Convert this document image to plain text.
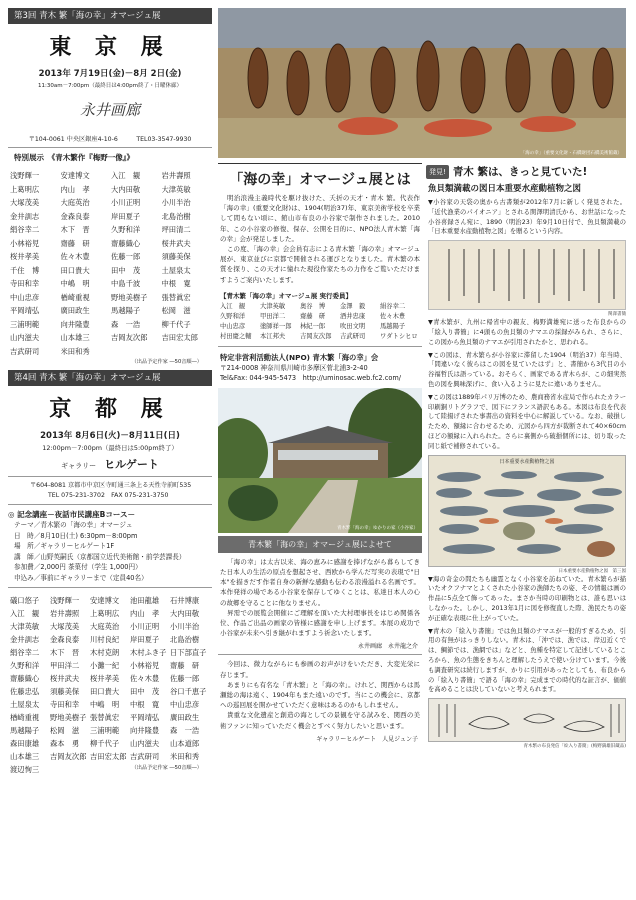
第3回 青木 繁「海の幸」オマージュ展
東 京 展
2013年 7月19日(金)－8月 2日(金)
11:30am－7:00pm（最終日は4:00pm終了・日曜休廊）
永井画廊
〒104-0061 中央区銀座4-10-6　　　TEL03-3547-9930
特別展示　《青木繁作『梅野一像』》
浅野輝一	安達博文	入江　観	岩井壽照
上葛明広	内山　孝	大内田敬	大津英敏
大塚茂美	大庭英治	小川正明	小川半治
金井訓志	金森良泰	岸田夏子	北島治樹
絹谷幸二	木下　晋	久野和洋	坪田清二
小林裕児	齋藤　研	齋藤織心	桜井武夫
桜井孝美	佐々木豊	佐藤一郎	須藤美保
千住　博	田口貴大	田中　茂	土屋泉太
寺田和幸	中嶋　明	中島千波	中根　寛
中山忠彦	楢崎重視	野地美樹子	張替眞宏
平岡靖弘	廣田政生	馬越陽子	松岡　滋
三浦明範	向井隆豊	森　一浩	柳千代子
山内滋夫	山本雄三	吉岡友次郎	吉田宏太郎
吉武研司	米田和秀
（出品予定作家 ―50音順―）
第4回 青木 繁「海の幸」オマージュ展
京 都 展
2013年 8月6日(火)－8月11日(日)
12:00pm－7:00pm（最終日は5:00pm終了）
ギャラリー ヒルゲート
〒604-8081 京都市中京区寺町通三条上る天性寺前町535
TEL 075-231-3702　FAX 075-231-3750
◎ 記念講座－夜話市民講座Bコース－
テーマ／青木繁の「海の幸」オマージュ
日　時／8月10日(土) 6:30pm－8:00pm
場　所／ギャラリーヒルゲート1F
講　師／山野英嗣氏（京都国立近代美術館・前学芸課長）
参加費／2,000円 茶菓付（学生 1,000円）
申込み／事前にギャラリーまで（定員40名）
礒口悠子	浅野輝一	安達博文	池田龍雄	石井博康
入江　観	岩井壽照	上葛明広	内山　孝	大内田敬
大津英敏	大塚茂美	大庭英治	小川正明	小川半治
金井訓志	金森良泰	川村良紀	岸田夏子	北島治樹
絹谷幸二	木下　晋	木村克朗	木村ふき子 日下部直子
久野和洋	甲田洋二	小灘一紀	小林裕児	齋藤　研
齋藤織心	桜井武夫	桜井孝美	佐々木豊	佐藤一郎
佐藤忠弘	須藤美保	田口貴大	田中　茂	谷口千恵子
土屋泉太	寺田和幸	中嶋　明	中根　寛	中山忠彦
楢崎重視	野地美樹子 張替眞宏	平岡靖弘	廣田政生
馬越陽子	松岡　滋	三浦明範	向井隆豊	森　一浩
森田康雄	森本　勇	柳千代子	山内滋夫	山本道郎
山本雄三	吉岡友次郎 吉田宏太郎 吉武研司	米田和秀
渡辺恂三	（出品予定作家 ―50音順―）
「海の幸」（重要文化財・石橋財団石橋美術館蔵）
「海の幸」オマージュ展とは

明治浪漫主義時代を駆け抜けた、夭折の天才・青木 繁。代表作「海の幸」(重要文化財)は、1904(明治37)年、東京美術学校を卒業して間もない頃に、館山市布良の小谷家で制作されました。2010年、この小谷家の修復、保存、公開を目的に、NPO法人青木繁「海の幸」会が発足しました。

この度、「海の幸」会会員有志による青木繁「海の幸」オマージュ展が、東京並びに京都で開催される運びとなりました。青木繁の本質を探り、この天才に憧れた現役作家たちの力作をご覧いただけますようご案内いたします。

【青木繁「海の幸」オマージュ展 実行委員】
入江　観	大津英敏	奥谷　博	金澤　毅	絹谷幸二
久野和洋	甲田洋二	齋藤　研	酒井忠康	佐々木豊
中山忠彦	塗師祥一郎	林紀一郎	吹田文明	馬越陽子
村田慶之輔	本江邦夫	吉岡友次郎	吉武研司	ワダトシヒロ
特定非営利活動法人(NPO) 青木繁「海の幸」会
〒214-0008 神奈川県川崎市多摩区菅北浦3-2-40
Tel&Fax: 044-945-5473　http://uminosac.web.fc2.com/
青木繁「海の幸」ゆかりの家（小谷家）
青木繁「海の幸」オマージュ展によせて

「海の幸」は太古以来、海の恵みに感謝を捧げながら暮らしてきた日本人の生活の原点を想起させ、西欧から学んだ写実の表現で"日本"を描きだす作者自身の新鮮な感動も伝わる浪漫溢れる名画です。本作発祥の場である小谷家を保存してゆくことは、私達日本人の心の故郷を守ることに他なりません。

昇需での展覧会開催にご理解を頂いた大村理事長をはじめ関係各位、作品ご出品の画家の皆様に感謝を申し上げます。本展の成功で小谷家が未来へ引き継がれますよう祈念いたします。

永井画廊　永井龍之介

今回は、微力ながらにも参画のお声がけをいただき、大変光栄に存じます。

あまりにも有名な「青木繁」と「海の幸」。けれど、関西からは馬瀬総の海は遠く、1904年もまた遠いのです。当にこの機会に、京都への巡回展を開かせていただく意味はあるのかもしれません。

貴重な文化遺産と創造の海としての景観を守る試みを、関西の美術ファンに知っていただく機会とすべく努力したいと思います。

ギャラリーヒルゲート　人見ジュン子
発見! 青木 繁は、きっと見ていた!
魚貝類満載の図日本重要水産動植物之図

▼小谷家の天袋の奥から古書類が2012年7月に新しく発見された。「近代漁業のパイオニア」とされる関澤明清氏から、お世話になった小谷喜録さん宛に、1890（明治23）年9月10日付で、魚貝類満載の「日本重要水産動植物之図」を贈るという内容。

関澤書簡

▼青木繁が、九州に帰省中の親友、梅野満雄宛に送った布良からの「絵入り書簡」に4頭もの魚貝類のナマエの採録がみられ、さらに、この図から魚貝類のナマエが引用されたかと、思われる。

▼この図は、青木繁らが小谷家に滞留した1904（明治37）年当時、「間違いなく彼らはこの図を見ていたはず」と、書簡から3代目の小谷福哲氏は語っている。おそらく、画家である青木らが、この細実然色の図を興味深げに、食い入るように見たに違いありません。

▼この図は1889年パリ万博のため、農商務省水産局で作られたカラー印刷銅リトグラフで、図下にフランス語訳もある。本図は布良を代表して陸揚げされた事書出の資料を中心に解説している。なお、破損したため、額縁に合わせるため、元図から四方が裁断されて40×60cmほどの額縁に入れられた。さらに裏側から破損個所には、切り取った同じ紙で補修されている。

日本重要水産動植物之図
日本重要水産動植物之図　第三図

▼海の奇金の間たちも幽霊となく小谷家を訪ねていた。青木繁らが描いたオクフナマとよくされた小谷家の漁師たちの姿、その情報は画の作品に5点全て飾ってあった。まさか当時の印刷物とは、誰も思いはしなかった。しかし、2013年1月に図を修復直した際、漁民たちの姿が正確な表現に仕上がっていた。

▼青木の「絵入り書簡」では魚貝類のナマエが一般的すぎるため、引用の有無がはっきりしない。青木は、「沖では、漁では、岸辺近くでは、鯛節では、漁網では」などと、魚種を特定して記述しているところから、魚の生態をきちんと理解したうえで使い分けています。今後も調査研究は続行しますが、かりに引用があったとしても、布良からの「絵入り書簡」で語る「海の幸」完成までの時代的な証言が、価値を高めることは決していないと考えられます。

青木繁の布良発信「絵入り書簡」(梅野満雄旧蔵品)
